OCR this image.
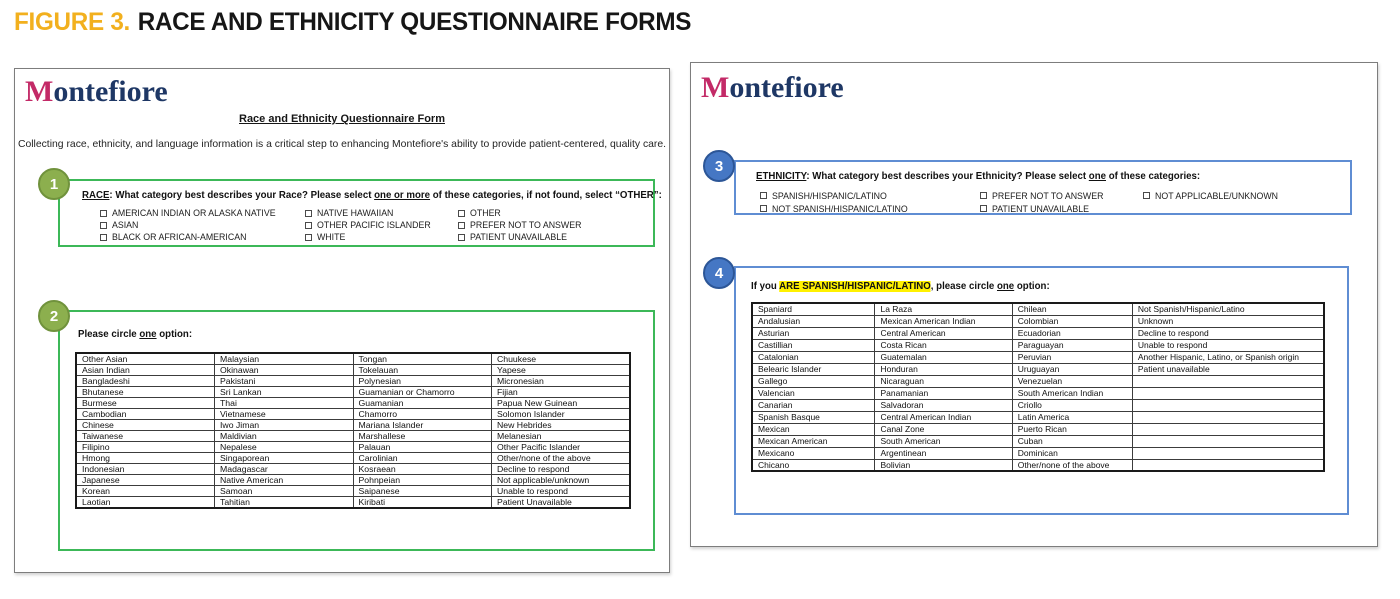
FIGURE 3. RACE AND ETHNICITY QUESTIONNAIRE FORMS
Montefiore
Race and Ethnicity Questionnaire Form
Collecting race, ethnicity, and language information is a critical step to enhancing Montefiore's ability to provide patient-centered, quality care.
1
RACE: What category best describes your Race? Please select one or more of these categories, if not found, select “OTHER”:
AMERICAN INDIAN OR ALASKA NATIVE
ASIAN
BLACK OR AFRICAN-AMERICAN
NATIVE HAWAIIAN
OTHER PACIFIC ISLANDER
WHITE
OTHER
PREFER NOT TO ANSWER
PATIENT UNAVAILABLE
2
Please circle one option:
Other Asian	Malaysian	Tongan	Chuukese
Asian Indian	Okinawan	Tokelauan	Yapese
Bangladeshi	Pakistani	Polynesian	Micronesian
Bhutanese	Sri Lankan	Guamanian or Chamorro	Fijian
Burmese	Thai	Guamanian	Papua New Guinean
Cambodian	Vietnamese	Chamorro	Solomon Islander
Chinese	Iwo Jiman	Mariana Islander	New Hebrides
Taiwanese	Maldivian	Marshallese	Melanesian
Filipino	Nepalese	Palauan	Other Pacific Islander
Hmong	Singaporean	Carolinian	Other/none of the above
Indonesian	Madagascar	Kosraean	Decline to respond
Japanese	Native American	Pohnpeian	Not applicable/unknown
Korean	Samoan	Saipanese	Unable to respond
Laotian	Tahitian	Kiribati	Patient Unavailable
Montefiore
3
ETHNICITY: What category best describes your Ethnicity? Please select one of these categories:
SPANISH/HISPANIC/LATINO
NOT SPANISH/HISPANIC/LATINO
PREFER NOT TO ANSWER
PATIENT UNAVAILABLE
NOT APPLICABLE/UNKNOWN
4
If you ARE SPANISH/HISPANIC/LATINO, please circle one option:
Spaniard	La Raza	Chilean	Not Spanish/Hispanic/Latino
Andalusian	Mexican American Indian	Colombian	Unknown
Asturian	Central American	Ecuadorian	Decline to respond
Castillian	Costa Rican	Paraguayan	Unable to respond
Catalonian	Guatemalan	Peruvian	Another Hispanic, Latino, or Spanish origin
Belearic Islander	Honduran	Uruguayan	Patient unavailable
Gallego	Nicaraguan	Venezuelan	
Valencian	Panamanian	South American Indian	
Canarian	Salvadoran	Criollo	
Spanish Basque	Central American Indian	Latin America	
Mexican	Canal Zone	Puerto Rican	
Mexican American	South American	Cuban	
Mexicano	Argentinean	Dominican	
Chicano	Bolivian	Other/none of the above	
